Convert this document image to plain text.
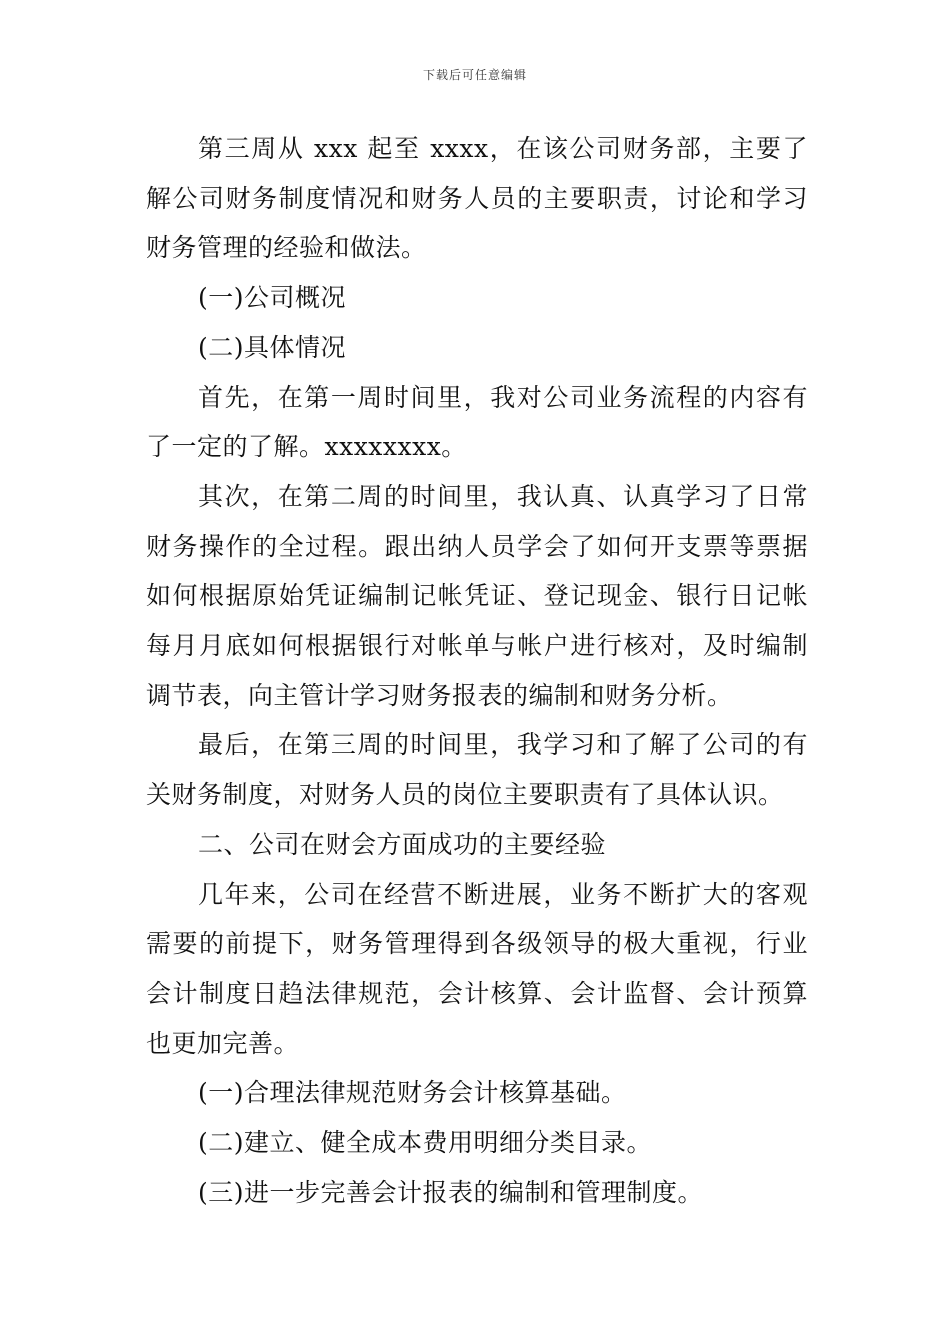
下载后可任意编辑

第三周从 xxx 起至 xxxx，在该公司财务部，主要了解公司财务制度情况和财务人员的主要职责，讨论和学习财务管理的经验和做法。

(一)公司概况

(二)具体情况

首先，在第一周时间里，我对公司业务流程的内容有了一定的了解。xxxxxxxx。

其次，在第二周的时间里，我认真、认真学习了日常财务操作的全过程。跟出纳人员学会了如何开支票等票据如何根据原始凭证编制记帐凭证、登记现金、银行日记帐每月月底如何根据银行对帐单与帐户进行核对，及时编制调节表，向主管计学习财务报表的编制和财务分析。

最后，在第三周的时间里，我学习和了解了公司的有关财务制度，对财务人员的岗位主要职责有了具体认识。

二、公司在财会方面成功的主要经验

几年来，公司在经营不断进展，业务不断扩大的客观需要的前提下，财务管理得到各级领导的极大重视，行业会计制度日趋法律规范，会计核算、会计监督、会计预算也更加完善。

(一)合理法律规范财务会计核算基础。

(二)建立、健全成本费用明细分类目录。

(三)进一步完善会计报表的编制和管理制度。
